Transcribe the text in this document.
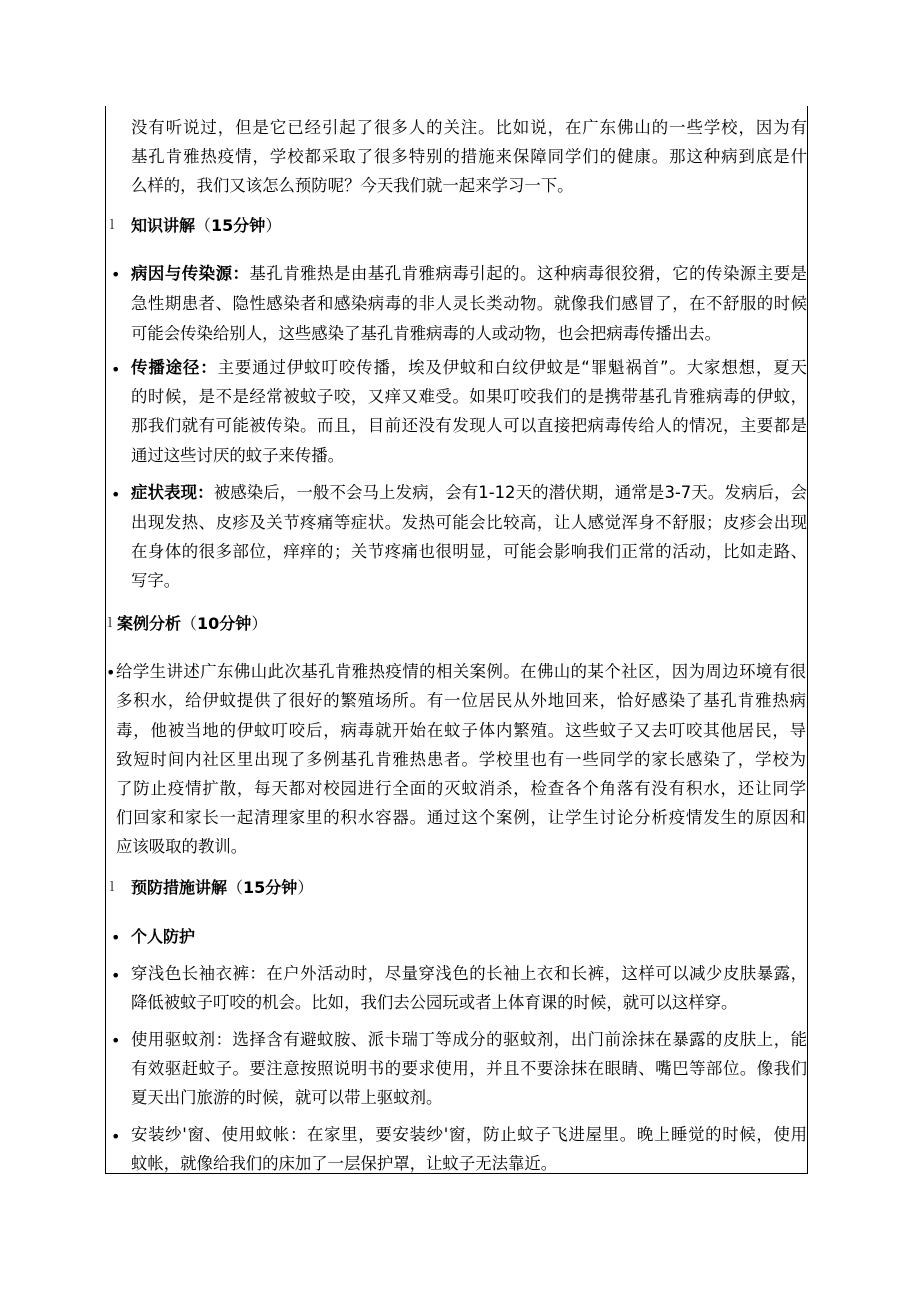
没有听说过，但是它已经引起了很多人的关注。比如说，在广东佛山的一些学校，因为有
基孔肯雅热疫情，学校都采取了很多特别的措施来保障同学们的健康。那这种病到底是什
么样的，我们又该怎么预防呢？今天我们就一起来学习一下。
l 知识讲解（15分钟）
• 病因与传染源：基孔肯雅热是由基孔肯雅病毒引起的。这种病毒很狡猾，它的传染源主要是
急性期患者、隐性感染者和感染病毒的非人灵长类动物。就像我们感冒了，在不舒服的时候
可能会传染给别人，这些感染了基孔肯雅病毒的人或动物，也会把病毒传播出去。
• 传播途径：主要通过伊蚊叮咬传播，埃及伊蚊和白纹伊蚊是“罪魁祸首”。大家想想，夏天
的时候，是不是经常被蚊子咬，又痒又难受。如果叮咬我们的是携带基孔肯雅病毒的伊蚊，
那我们就有可能被传染。而且，目前还没有发现人可以直接把病毒传给人的情况，主要都是
通过这些讨厌的蚊子来传播。
• 症状表现：被感染后，一般不会马上发病，会有1-12天的潜伏期，通常是3-7天。发病后，会
出现发热、皮疹及关节疼痛等症状。发热可能会比较高，让人感觉浑身不舒服；皮疹会出现
在身体的很多部位，痒痒的；关节疼痛也很明显，可能会影响我们正常的活动，比如走路、
写字。
l 案例分析（10分钟）
• 给学生讲述广东佛山此次基孔肯雅热疫情的相关案例。在佛山的某个社区，因为周边环境有很
多积水，给伊蚊提供了很好的繁殖场所。有一位居民从外地回来，恰好感染了基孔肯雅热病
毒，他被当地的伊蚊叮咬后，病毒就开始在蚊子体内繁殖。这些蚊子又去叮咬其他居民，导
致短时间内社区里出现了多例基孔肯雅热患者。学校里也有一些同学的家长感染了，学校为
了防止疫情扩散，每天都对校园进行全面的灭蚊消杀，检查各个角落有没有积水，还让同学
们回家和家长一起清理家里的积水容器。通过这个案例，让学生讨论分析疫情发生的原因和
应该吸取的教训。
l 预防措施讲解（15分钟）
• 个人防护
• 穿浅色长袖衣裤：在户外活动时，尽量穿浅色的长袖上衣和长裤，这样可以减少皮肤暴露，
降低被蚊子叮咬的机会。比如，我们去公园玩或者上体育课的时候，就可以这样穿。
• 使用驱蚊剂：选择含有避蚊胺、派卡瑞丁等成分的驱蚊剂，出门前涂抹在暴露的皮肤上，能
有效驱赶蚊子。要注意按照说明书的要求使用，并且不要涂抹在眼睛、嘴巴等部位。像我们
夏天出门旅游的时候，就可以带上驱蚊剂。
• 安装纱'窗、使用蚊帐：在家里，要安装纱'窗，防止蚊子飞进屋里。晚上睡觉的时候，使用
蚊帐，就像给我们的床加了一层保护罩，让蚊子无法靠近。
